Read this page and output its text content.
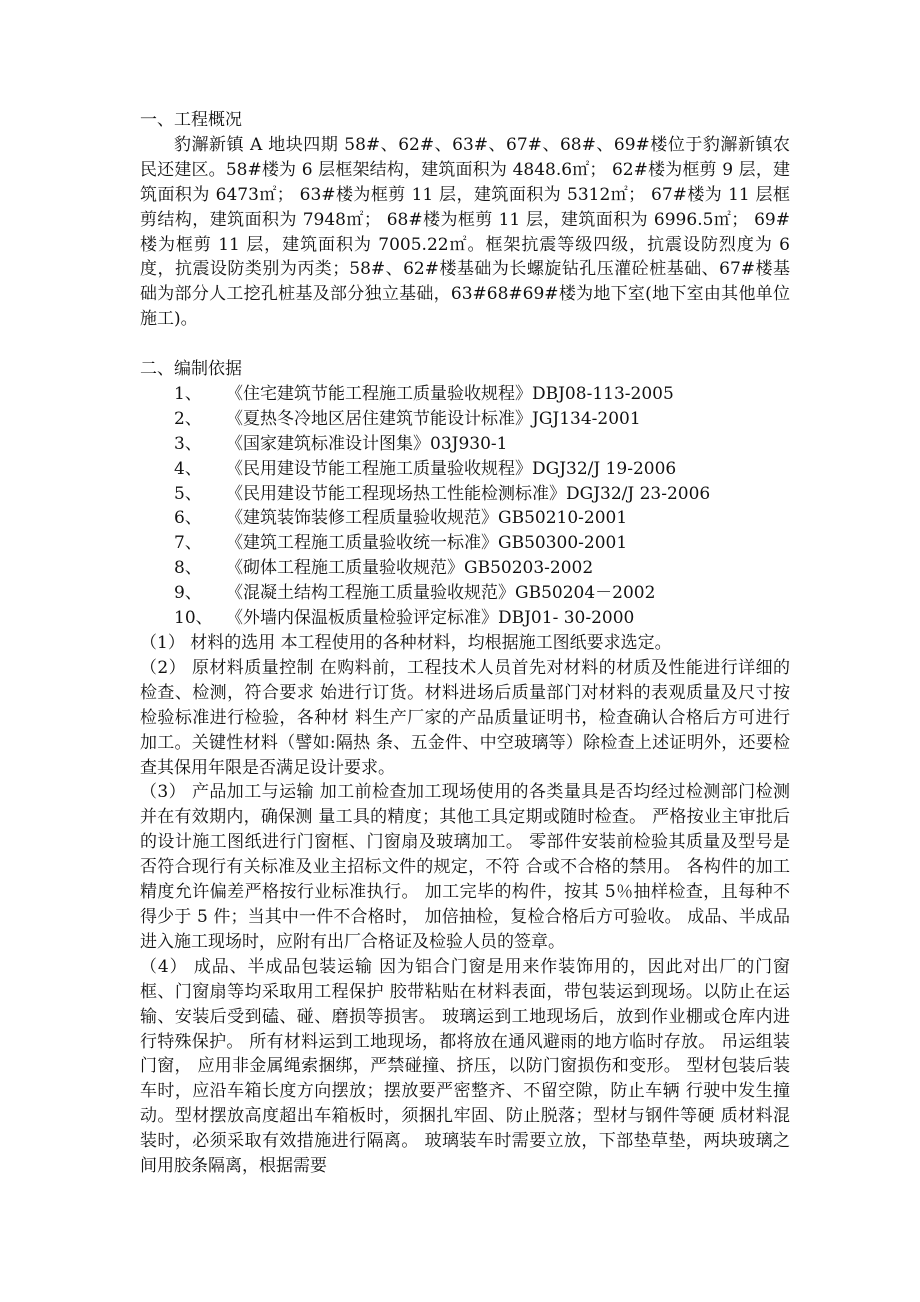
一、工程概况

豹澥新镇 A 地块四期 58#、62#、63#、67#、68#、69#楼位于豹澥新镇农民还建区。58#楼为 6 层框架结构，建筑面积为 4848.6㎡； 62#楼为框剪 9 层，建筑面积为 6473㎡； 63#楼为框剪 11 层，建筑面积为 5312㎡； 67#楼为 11 层框剪结构，建筑面积为 7948㎡； 68#楼为框剪 11 层，建筑面积为 6996.5㎡； 69#楼为框剪 11 层，建筑面积为 7005.22㎡。框架抗震等级四级，抗震设防烈度为 6 度，抗震设防类别为丙类；58#、62#楼基础为长螺旋钻孔压灌砼桩基础、67#楼基础为部分人工挖孔桩基及部分独立基础，63#68#69#楼为地下室(地下室由其他单位施工)。

二、编制依据

1、 《住宅建筑节能工程施工质量验收规程》DBJ08-113-2005
2、 《夏热冬冷地区居住建筑节能设计标准》JGJ134-2001
3、 《国家建筑标准设计图集》03J930-1
4、 《民用建设节能工程施工质量验收规程》DGJ32/J 19-2006
5、 《民用建设节能工程现场热工性能检测标准》DGJ32/J 23-2006
6、 《建筑装饰装修工程质量验收规范》GB50210-2001
7、 《建筑工程施工质量验收统一标准》GB50300-2001
8、 《砌体工程施工质量验收规范》GB50203-2002
9、 《混凝土结构工程施工质量验收规范》GB50204－2002
10、 《外墙内保温板质量检验评定标准》DBJ01- 30-2000

（1） 材料的选用 本工程使用的各种材料，均根据施工图纸要求选定。

（2） 原材料质量控制 在购料前，工程技术人员首先对材料的材质及性能进行详细的检查、检测，符合要求 始进行订货。材料进场后质量部门对材料的表观质量及尺寸按检验标准进行检验，各种材 料生产厂家的产品质量证明书，检查确认合格后方可进行加工。关键性材料（譬如:隔热 条、五金件、中空玻璃等）除检查上述证明外，还要检查其保用年限是否满足设计要求。

（3） 产品加工与运输 加工前检查加工现场使用的各类量具是否均经过检测部门检测并在有效期内，确保测 量工具的精度；其他工具定期或随时检查。 严格按业主审批后的设计施工图纸进行门窗框、门窗扇及玻璃加工。 零部件安装前检验其质量及型号是否符合现行有关标准及业主招标文件的规定，不符 合或不合格的禁用。 各构件的加工精度允许偏差严格按行业标准执行。 加工完毕的构件，按其 5％抽样检查，且每种不得少于 5 件；当其中一件不合格时， 加倍抽检，复检合格后方可验收。 成品、半成品进入施工现场时，应附有出厂合格证及检验人员的签章。

（4） 成品、半成品包装运输 因为铝合门窗是用来作装饰用的，因此对出厂的门窗框、门窗扇等均采取用工程保护 胶带粘贴在材料表面，带包装运到现场。以防止在运输、安装后受到磕、碰、磨损等损害。 玻璃运到工地现场后，放到作业棚或仓库内进行特殊保护。 所有材料运到工地现场，都将放在通风避雨的地方临时存放。 吊运组装门窗， 应用非金属绳索捆绑，严禁碰撞、挤压，以防门窗损伤和变形。 型材包装后装车时，应沿车箱长度方向摆放；摆放要严密整齐、不留空隙，防止车辆 行驶中发生撞动。型材摆放高度超出车箱板时，须捆扎牢固、防止脱落；型材与钢件等硬 质材料混装时，必须采取有效措施进行隔离。 玻璃装车时需要立放，下部垫草垫，两块玻璃之间用胶条隔离，根据需要
